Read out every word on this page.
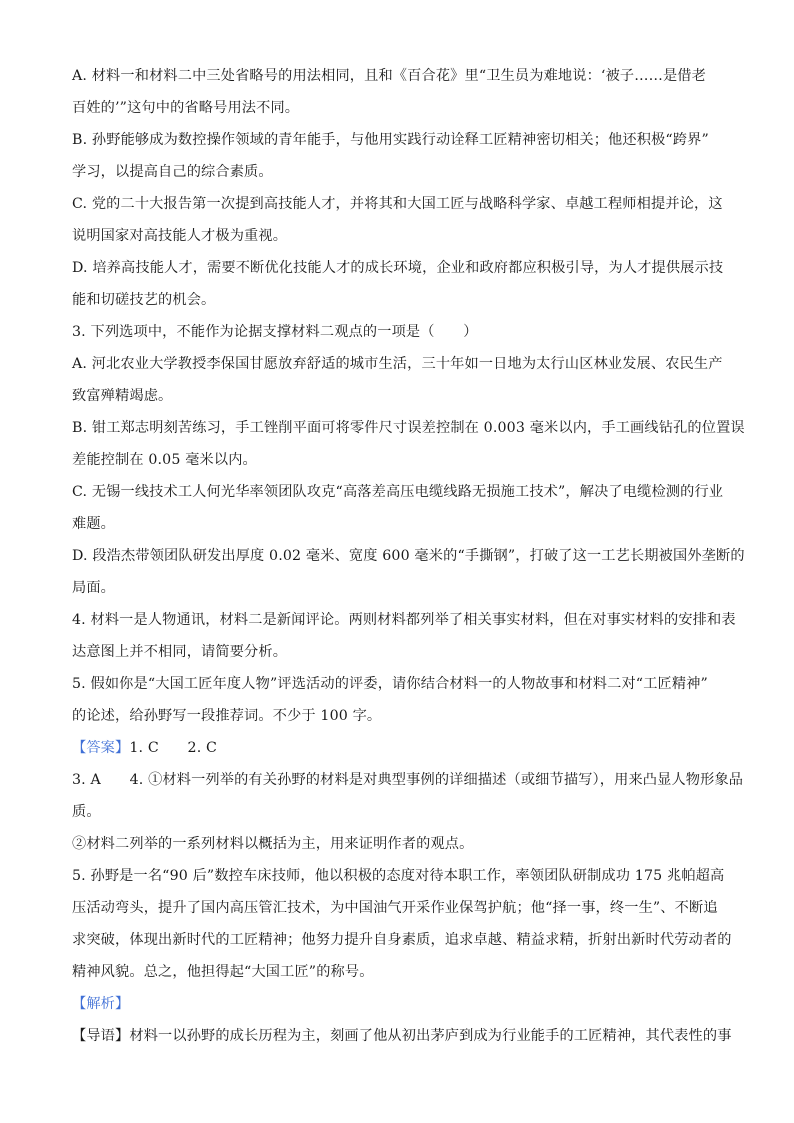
A. 材料一和材料二中三处省略号的用法相同，且和《百合花》里“卫生员为难地说：‘被子……是借老
百姓的’”这句中的省略号用法不同。
B. 孙野能够成为数控操作领域的青年能手，与他用实践行动诠释工匠精神密切相关；他还积极“跨界”
学习，以提高自己的综合素质。
C. 党的二十大报告第一次提到高技能人才，并将其和大国工匠与战略科学家、卓越工程师相提并论，这
说明国家对高技能人才极为重视。
D. 培养高技能人才，需要不断优化技能人才的成长环境，企业和政府都应积极引导，为人才提供展示技
能和切磋技艺的机会。
3. 下列选项中，不能作为论据支撑材料二观点的一项是（　　）
A. 河北农业大学教授李保国甘愿放弃舒适的城市生活，三十年如一日地为太行山区林业发展、农民生产
致富殚精竭虑。
B. 钳工郑志明刻苦练习，手工锉削平面可将零件尺寸误差控制在 0.003 毫米以内，手工画线钻孔的位置误
差能控制在 0.05 毫米以内。
C. 无锡一线技术工人何光华率领团队攻克“高落差高压电缆线路无损施工技术”，解决了电缆检测的行业
难题。
D. 段浩杰带领团队研发出厚度 0.02 毫米、宽度 600 毫米的“手撕钢”，打破了这一工艺长期被国外垄断的
局面。
4. 材料一是人物通讯，材料二是新闻评论。两则材料都列举了相关事实材料，但在对事实材料的安排和表
达意图上并不相同，请简要分析。
5. 假如你是“大国工匠年度人物”评选活动的评委，请你结合材料一的人物故事和材料二对“工匠精神”
的论述，给孙野写一段推荐词。不少于 100 字。
【答案】1. C　　2. C
3. A　　4. ①材料一列举的有关孙野的材料是对典型事例的详细描述（或细节描写），用来凸显人物形象品
质。
②材料二列举的一系列材料以概括为主，用来证明作者的观点。
5. 孙野是一名“90 后”数控车床技师，他以积极的态度对待本职工作，率领团队研制成功 175 兆帕超高
压活动弯头，提升了国内高压管汇技术，为中国油气开采作业保驾护航；他“择一事，终一生”、不断追
求突破，体现出新时代的工匠精神；他努力提升自身素质，追求卓越、精益求精，折射出新时代劳动者的
精神风貌。总之，他担得起“大国工匠”的称号。
【解析】
【导语】材料一以孙野的成长历程为主，刻画了他从初出茅庐到成为行业能手的工匠精神，其代表性的事
